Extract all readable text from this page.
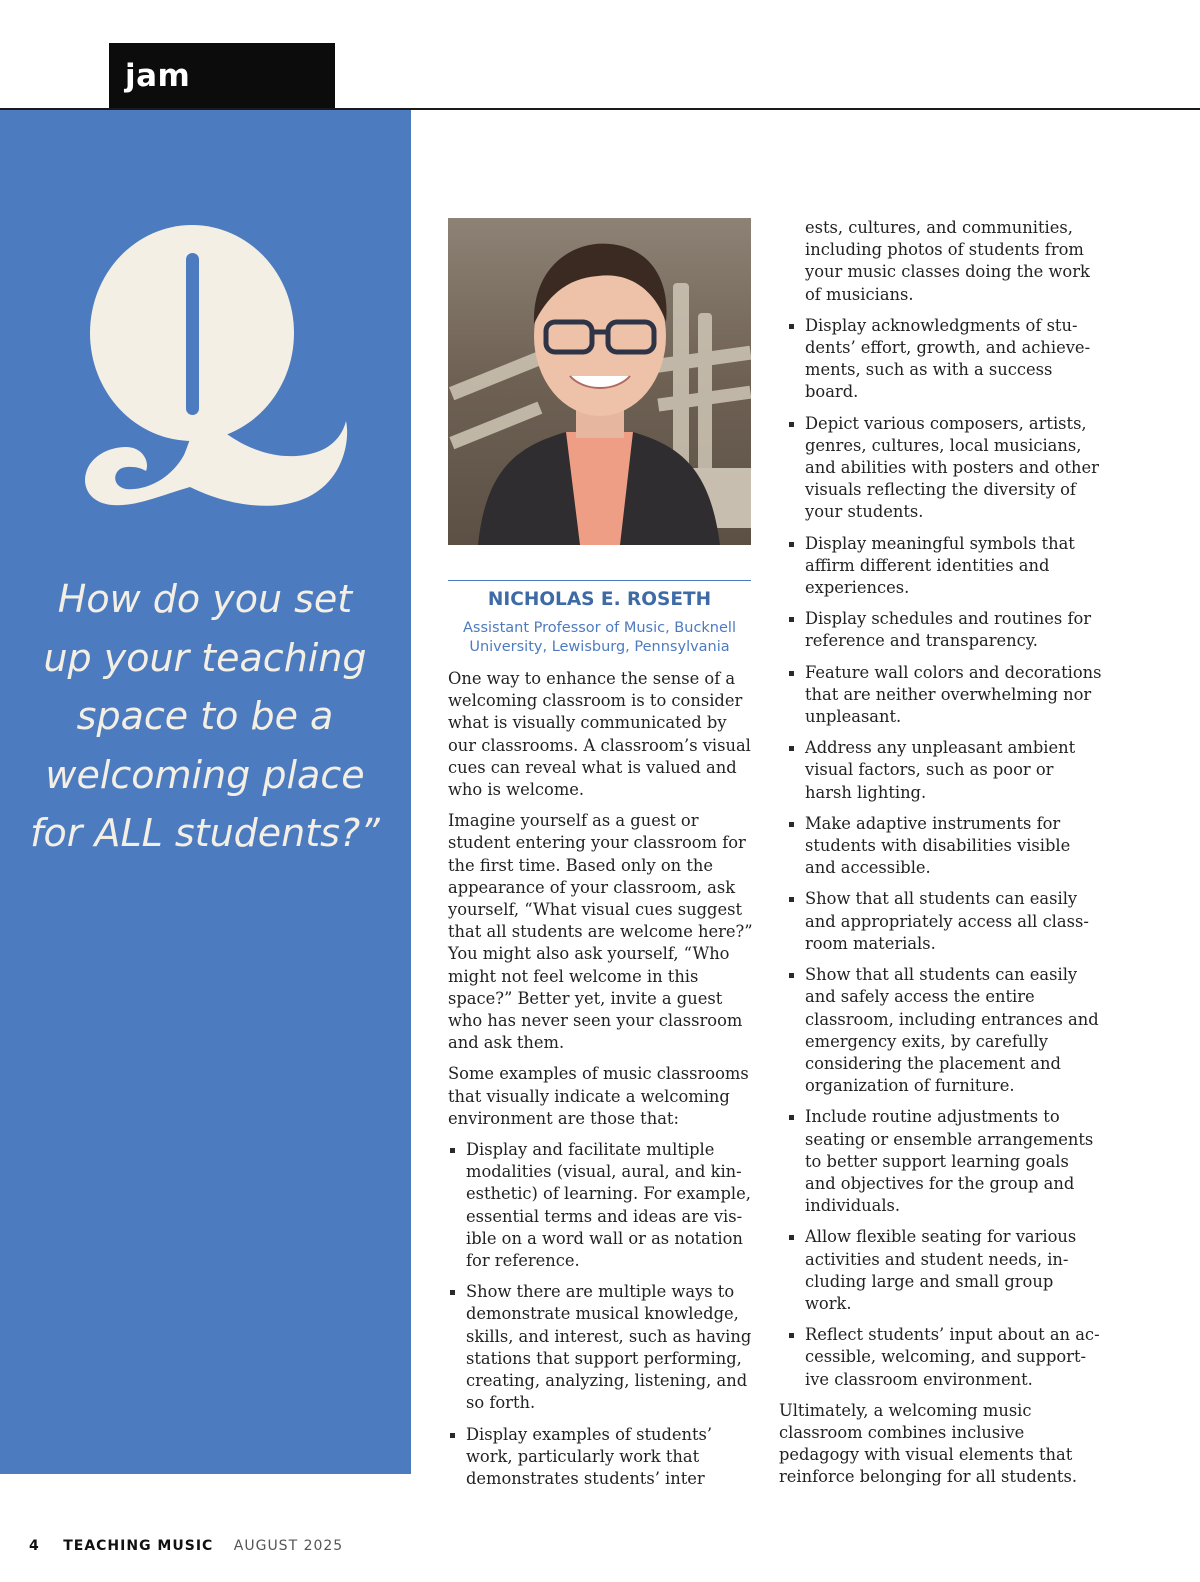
jam
How do you set up your teaching space to be a welcoming place for ALL students?”
NICHOLAS E. ROSETH
Assistant Professor of Music, Bucknell University, Lewisburg, Pennsylvania

One way to enhance the sense of a welcoming classroom is to consider what is visually communicated by our classrooms. A classroom’s visual cues can reveal what is valued and who is welcome.

Imagine yourself as a guest or student entering your classroom for the first time. Based only on the appearance of your classroom, ask yourself, “What visual cues suggest that all students are welcome here?” You might also ask yourself, “Who might not feel welcome in this space?” Better yet, invite a guest who has never seen your classroom and ask them.

Some examples of music classrooms that visually indicate a welcoming environment are those that:

Display and facilitate multiple modalities (visual, aural, and kinesthetic) of learning. For example, essential terms and ideas are visible on a word wall or as notation for reference.
Show there are multiple ways to demonstrate musical knowledge, skills, and interest, such as having stations that support performing, creating, analyzing, listening, and so forth.
Display examples of students’ work, particularly work that demonstrates students’ inter
ests, cultures, and communities, including photos of students from your music classes doing the work of musicians.
Display acknowledgments of students’ effort, growth, and achievements, such as with a success board.
Depict various composers, artists, genres, cultures, local musicians, and abilities with posters and other visuals reflecting the diversity of your students.
Display meaningful symbols that affirm different identities and experiences.
Display schedules and routines for reference and transparency.
Feature wall colors and decorations that are neither overwhelming nor unpleasant.
Address any unpleasant ambient visual factors, such as poor or harsh lighting.
Make adaptive instruments for students with disabilities visible and accessible.
Show that all students can easily and appropriately access all classroom materials.
Show that all students can easily and safely access the entire classroom, including entrances and emergency exits, by carefully considering the placement and organization of furniture.
Include routine adjustments to seating or ensemble arrangements to better support learning goals and objectives for the group and individuals.
Allow flexible seating for various activities and student needs, including large and small group work.
Reflect students’ input about an accessible, welcoming, and supportive classroom environment.

Ultimately, a welcoming music classroom combines inclusive pedagogy with visual elements that reinforce belonging for all students.

4 TEACHING MUSIC AUGUST 2025
